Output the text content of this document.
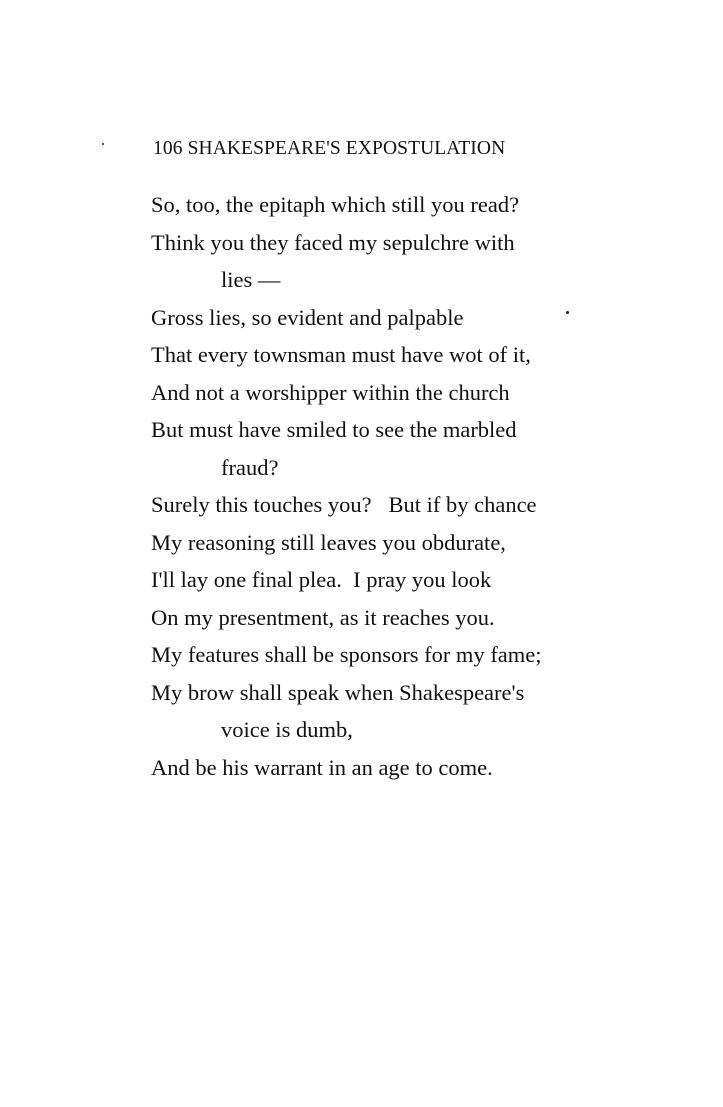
106 SHAKESPEARE'S EXPOSTULATION
So, too, the epitaph which still you read?
Think you they faced my sepulchre with
lies —
Gross lies, so evident and palpable
That every townsman must have wot of it,
And not a worshipper within the church
But must have smiled to see the marbled
fraud?
Surely this touches you?   But if by chance
My reasoning still leaves you obdurate,
I'll lay one final plea.  I pray you look
On my presentment, as it reaches you.
My features shall be sponsors for my fame;
My brow shall speak when Shakespeare's
voice is dumb,
And be his warrant in an age to come.
